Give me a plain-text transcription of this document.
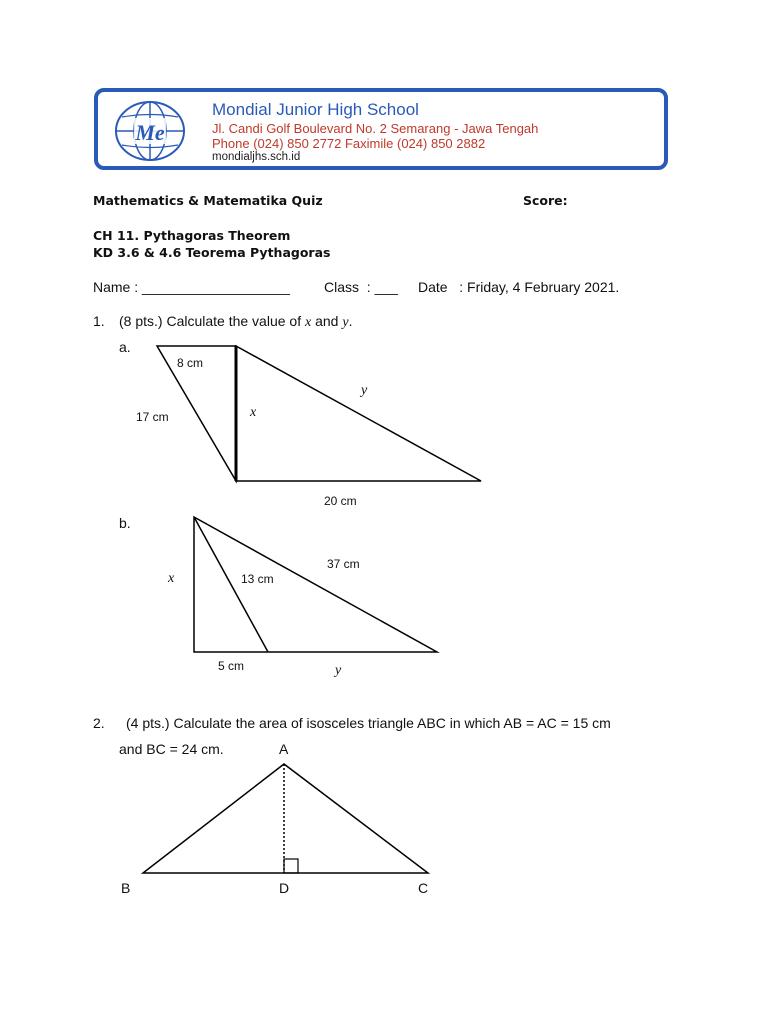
Me
Mondial Junior High School
Jl. Candi Golf Boulevard No. 2 Semarang - Jawa Tengah
Phone (024) 850 2772 Faximile (024) 850 2882
mondialjhs.sch.id
Mathematics & Matematika Quiz	Score:
CH 11. Pythagoras Theorem
KD 3.6 & 4.6 Teorema Pythagoras
Name : ___________________ Class  : ___ Date   : Friday, 4 February 2021.
1. (8 pts.) Calculate the value of x and y.
a.
8 cm
17 cm	x
y
20 cm
b.
x	13 cm
37 cm
5 cm	y
2. (4 pts.) Calculate the area of isosceles triangle ABC in which AB = AC = 15 cm
and BC = 24 cm.	A
B	D	C
